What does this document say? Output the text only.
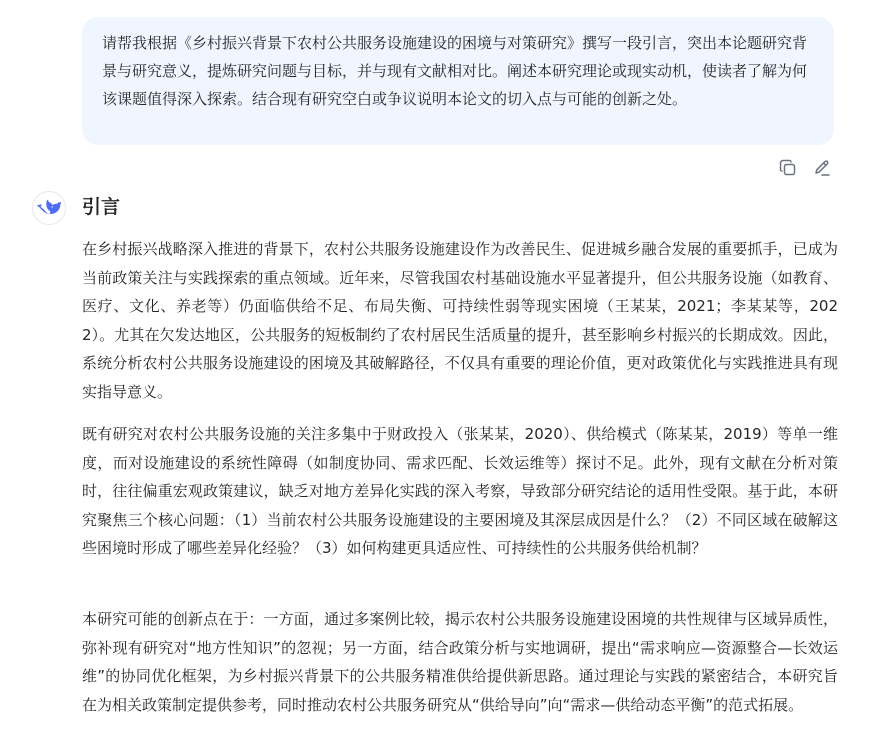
请帮我根据《乡村振兴背景下农村公共服务设施建设的困境与对策研究》撰写一段引言，突出本论题研究背景与研究意义，提炼研究问题与目标，并与现有文献相对比。阐述本研究理论或现实动机，使读者了解为何该课题值得深入探索。结合现有研究空白或争议说明本论文的切入点与可能的创新之处。
引言

在乡村振兴战略深入推进的背景下，农村公共服务设施建设作为改善民生、促进城乡融合发展的重要抓手，已成为当前政策关注与实践探索的重点领域。近年来，尽管我国农村基础设施水平显著提升，但公共服务设施（如教育、医疗、文化、养老等）仍面临供给不足、布局失衡、可持续性弱等现实困境（王某某，2021；李某某等，2022）。尤其在欠发达地区，公共服务的短板制约了农村居民生活质量的提升，甚至影响乡村振兴的长期成效。因此，系统分析农村公共服务设施建设的困境及其破解路径，不仅具有重要的理论价值，更对政策优化与实践推进具有现实指导意义。

既有研究对农村公共服务设施的关注多集中于财政投入（张某某，2020）、供给模式（陈某某，2019）等单一维度，而对设施建设的系统性障碍（如制度协同、需求匹配、长效运维等）探讨不足。此外，现有文献在分析对策时，往往偏重宏观政策建议，缺乏对地方差异化实践的深入考察，导致部分研究结论的适用性受限。基于此，本研究聚焦三个核心问题：（1）当前农村公共服务设施建设的主要困境及其深层成因是什么？（2）不同区域在破解这些困境时形成了哪些差异化经验？（3）如何构建更具适应性、可持续性的公共服务供给机制？

本研究可能的创新点在于：一方面，通过多案例比较，揭示农村公共服务设施建设困境的共性规律与区域异质性，弥补现有研究对“地方性知识”的忽视；另一方面，结合政策分析与实地调研，提出“需求响应—资源整合—长效运维”的协同优化框架，为乡村振兴背景下的公共服务精准供给提供新思路。通过理论与实践的紧密结合，本研究旨在为相关政策制定提供参考，同时推动农村公共服务研究从“供给导向”向“需求—供给动态平衡”的范式拓展。
